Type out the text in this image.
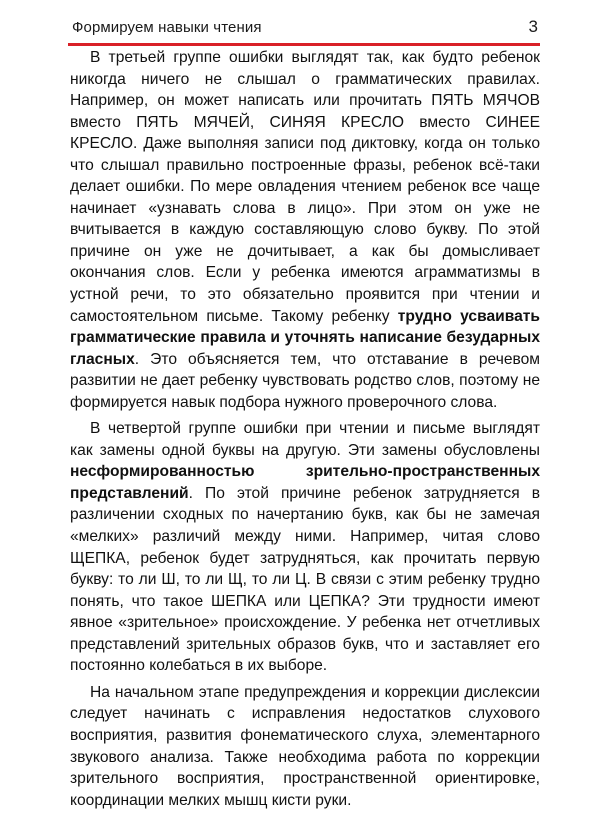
Формируем навыки чтения	3

В третьей группе ошибки выглядят так, как будто ребенок никогда ничего не слышал о грамматических правилах. Например, он может написать или прочитать ПЯТЬ МЯЧОВ вместо ПЯТЬ МЯЧЕЙ, СИНЯЯ КРЕСЛО вместо СИНЕЕ КРЕСЛО. Даже выполняя записи под диктовку, когда он только что слышал правильно построенные фразы, ребенок всё-таки делает ошибки. По мере овладения чтением ребенок все чаще начинает «узнавать слова в лицо». При этом он уже не вчитывается в каждую составляющую слово букву. По этой причине он уже не дочитывает, а как бы домысливает окончания слов. Если у ребенка имеются аграмматизмы в устной речи, то это обязательно проявится при чтении и самостоятельном письме. Такому ребенку трудно усваивать грамматические правила и уточнять написание безударных гласных. Это объясняется тем, что отставание в речевом развитии не дает ребенку чувствовать родство слов, поэтому не формируется навык подбора нужного проверочного слова.

В четвертой группе ошибки при чтении и письме выглядят как замены одной буквы на другую. Эти замены обусловлены несформированностью зрительно-пространственных представлений. По этой причине ребенок затрудняется в различении сходных по начертанию букв, как бы не замечая «мелких» различий между ними. Например, читая слово ЩЕПКА, ребенок будет затрудняться, как прочитать первую букву: то ли Ш, то ли Щ, то ли Ц. В связи с этим ребенку трудно понять, что такое ШЕПКА или ЦЕПКА? Эти трудности имеют явное «зрительное» происхождение. У ребенка нет отчетливых представлений зрительных образов букв, что и заставляет его постоянно колебаться в их выборе.

На начальном этапе предупреждения и коррекции дислексии следует начинать с исправления недостатков слухового восприятия, развития фонематического слуха, элементарного звукового анализа. Также необходима работа по коррекции зрительного восприятия, пространственной ориентировке, координации мелких мышц кисти руки.
